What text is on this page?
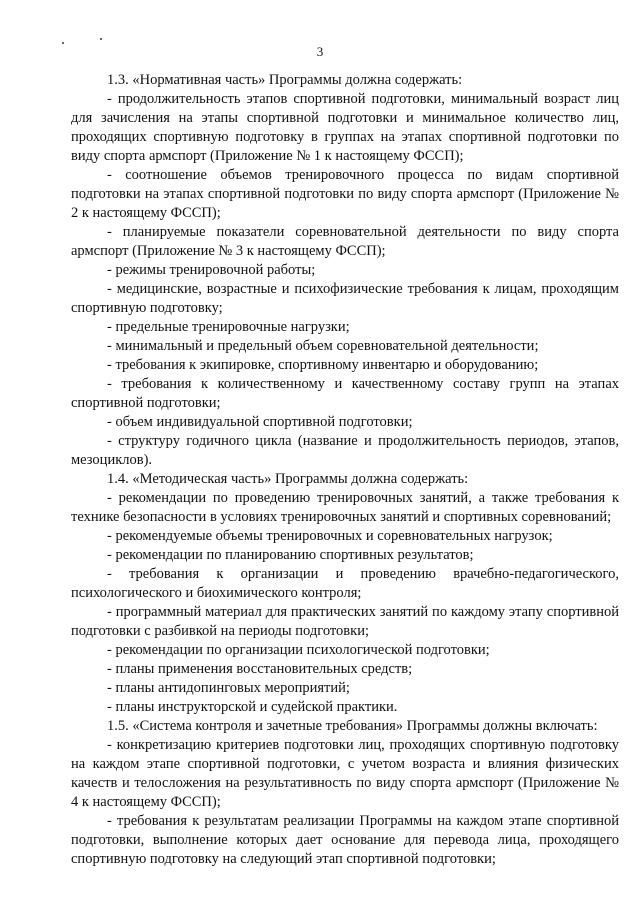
3

1.3. «Нормативная часть» Программы должна содержать:

- продолжительность этапов спортивной подготовки, минимальный возраст лиц для зачисления на этапы спортивной подготовки и минимальное количество лиц, проходящих спортивную подготовку в группах на этапах спортивной подготовки по виду спорта армспорт (Приложение № 1 к настоящему ФССП);

- соотношение объемов тренировочного процесса по видам спортивной подготовки на этапах спортивной подготовки по виду спорта армспорт (Приложение № 2 к настоящему ФССП);

- планируемые показатели соревновательной деятельности по виду спорта армспорт (Приложение № 3 к настоящему ФССП);

- режимы тренировочной работы;

- медицинские, возрастные и психофизические требования к лицам, проходящим спортивную подготовку;

- предельные тренировочные нагрузки;

- минимальный и предельный объем соревновательной деятельности;

- требования к экипировке, спортивному инвентарю и оборудованию;

- требования к количественному и качественному составу групп на этапах спортивной подготовки;

- объем индивидуальной спортивной подготовки;

- структуру годичного цикла (название и продолжительность периодов, этапов, мезоциклов).

1.4. «Методическая часть» Программы должна содержать:

- рекомендации по проведению тренировочных занятий, а также требования к технике безопасности в условиях тренировочных занятий и спортивных соревнований;

- рекомендуемые объемы тренировочных и соревновательных нагрузок;

- рекомендации по планированию спортивных результатов;

- требования к организации и проведению врачебно-педагогического, психологического и биохимического контроля;

- программный материал для практических занятий по каждому этапу спортивной подготовки с разбивкой на периоды подготовки;

- рекомендации по организации психологической подготовки;

- планы применения восстановительных средств;

- планы антидопинговых мероприятий;

- планы инструкторской и судейской практики.

1.5. «Система контроля и зачетные требования» Программы должны включать:

- конкретизацию критериев подготовки лиц, проходящих спортивную подготовку на каждом этапе спортивной подготовки, с учетом возраста и влияния физических качеств и телосложения на результативность по виду спорта армспорт (Приложение № 4 к настоящему ФССП);

- требования к результатам реализации Программы на каждом этапе спортивной подготовки, выполнение которых дает основание для перевода лица, проходящего спортивную подготовку на следующий этап спортивной подготовки;
